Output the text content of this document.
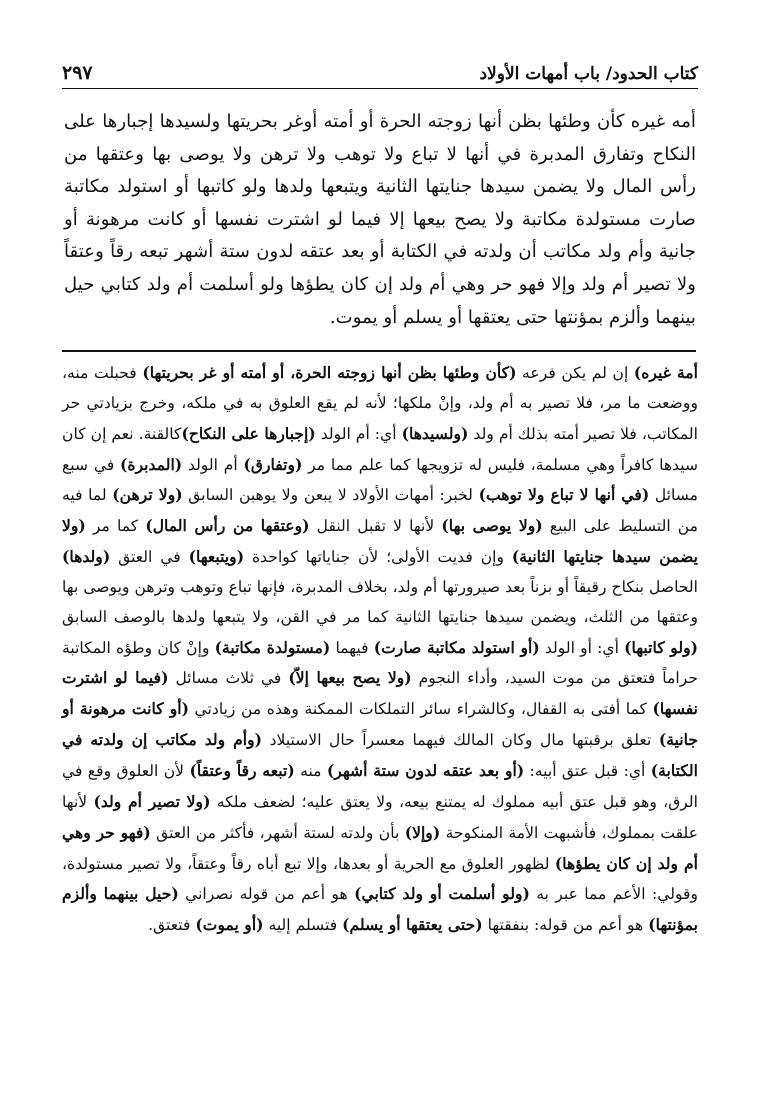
كتاب الحدود/ باب أمهات الأولاد
٢٩٧

أمه غيره كأن وطئها بظن أنها زوجته الحرة أو أمته أوغر بحريتها ولسيدها إجبارها على النكاح وتفارق المدبرة في أنها لا تباع ولا توهب ولا ترهن ولا يوصى بها وعتقها من رأس المال ولا يضمن سيدها جنايتها الثانية ويتبعها ولدها ولو كاتبها أو استولد مكاتبة صارت مستولدة مكاتبة ولا يصح بيعها إلا فيما لو اشترت نفسها أو كانت مرهونة أو جانية وأم ولد مكاتب أن ولدته في الكتابة أو بعد عتقه لدون ستة أشهر تبعه رقاً وعتقاً ولا تصير أم ولد وإلا فهو حر وهي أم ولد إن كان يطؤها ولو أسلمت أم ولد كتابي حيل بينهما وألزم بمؤنتها حتى يعتقها أو يسلم أو يموت.

أمة غيره) إن لم يكن فرعه (كأن وطئها بظن أنها زوجته الحرة، أو أمته أو غر بحريتها) فحبلت منه، ووضعت ما مر، فلا تصير به أم ولد، وإنْ ملكها؛ لأنه لم يقع العلوق به في ملكه، وخرج بزيادتي حر المكاتب، فلا تصير أمته بذلك أم ولد (ولسيدها) أي: أم الولد (إجبارها على النكاح)كالقنة. نعم إن كان سيدها كافراً وهي مسلمة، فليس له تزويجها كما علم مما مر (وتفارق) أم الولد (المدبرة) في سبع مسائل (في أنها لا تباع ولا توهب) لخبر: أمهات الأولاد لا يبعن ولا يوهبن السابق (ولا ترهن) لما فيه من التسليط على البيع (ولا يوصى بها) لأنها لا تقبل النقل (وعتقها من رأس المال) كما مر (ولا يضمن سيدها جنايتها الثانية) وإن فديت الأولى؛ لأن جناياتها كواحدة (ويتبعها) في العتق (ولدها) الحاصل بنكاح رقيقاً أو بزناً بعد صيرورتها أم ولد، بخلاف المدبرة، فإنها تباع وتوهب وترهن ويوصى بها وعتقها من الثلث، ويضمن سيدها جنايتها الثانية كما مر في القن، ولا يتبعها ولدها بالوصف السابق (ولو كاتبها) أي: أو الولد (أو استولد مكاتبة صارت) فيهما (مستولدة مكاتبة) وإنْ كان وطؤه المكاتبة حراماً فتعتق من موت السيد، وأداء النجوم (ولا يصح بيعها إلاّ) في ثلاث مسائل (فيما لو اشترت نفسها) كما أفتى به القفال، وكالشراء سائر التملكات الممكنة وهذه من زيادتي (أو كانت مرهونة أو جانية) تعلق برقبتها مال وكان المالك فيهما معسراً حال الاستيلاد (وأم ولد مكاتب إن ولدته في الكتابة) أي: قبل عتق أبيه: (أو بعد عتقه لدون ستة أشهر) منه (تبعه رقاً وعتقاً) لأن العلوق وقع في الرق، وهو قبل عتق أبيه مملوك له يمتنع بيعه، ولا يعتق عليه؛ لضعف ملكه (ولا تصير أم ولد) لأنها علقت بمملوك، فأشبهت الأمة المنكوحة (وإلا) بأن ولدته لستة أشهر، فأكثر من العتق (فهو حر وهي أم ولد إن كان يطؤها) لظهور العلوق مع الحرية أو بعدها، وإلا تبع أباه رقاً وعتقاً، ولا تصير مستولدة، وقولي: الأعم مما عبر به (ولو أسلمت أو ولد كتابي) هو أعم من قوله نصراني (حيل بينهما وألزم بمؤنتها) هو أعم من قوله: بنفقتها (حتى يعتقها أو يسلم) فتسلم إليه (أو يموت) فتعتق.
